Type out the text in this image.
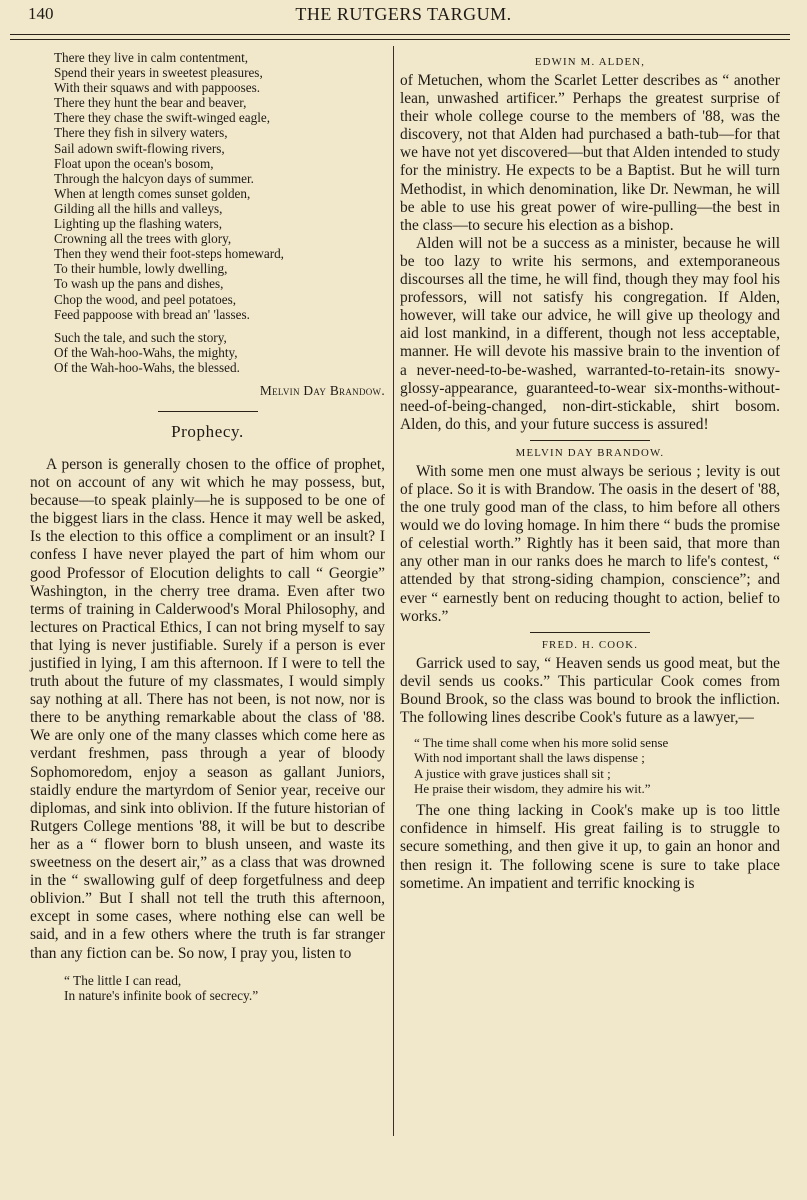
140	THE RUTGERS TARGUM.
There they live in calm contentment,
Spend their years in sweetest pleasures,
With their squaws and with pappooses.
There they hunt the bear and beaver,
There they chase the swift-winged eagle,
There they fish in silvery waters,
Sail adown swift-flowing rivers,
Float upon the ocean's bosom,
Through the halcyon days of summer.
When at length comes sunset golden,
Gilding all the hills and valleys,
Lighting up the flashing waters,
Crowning all the trees with glory,
Then they wend their foot-steps homeward,
To their humble, lowly dwelling,
To wash up the pans and dishes,
Chop the wood, and peel potatoes,
Feed pappoose with bread an' 'lasses.
Such the tale, and such the story,
Of the Wah-hoo-Wahs, the mighty,
Of the Wah-hoo-Wahs, the blessed.
Melvin Day Brandow.
Prophecy.

A person is generally chosen to the office of prophet, not on account of any wit which he may possess, but, because—to speak plainly—he is supposed to be one of the biggest liars in the class. Hence it may well be asked, Is the election to this office a compliment or an insult? I confess I have never played the part of him whom our good Professor of Elocution delights to call “ Georgie” Washington, in the cherry tree drama. Even after two terms of training in Calderwood's Moral Philosophy, and lectures on Practical Ethics, I can not bring myself to say that lying is never justifiable. Surely if a person is ever justified in lying, I am this afternoon. If I were to tell the truth about the future of my classmates, I would simply say nothing at all. There has not been, is not now, nor is there to be anything remarkable about the class of '88. We are only one of the many classes which come here as verdant freshmen, pass through a year of bloody Sophomoredom, enjoy a season as gallant Juniors, staidly endure the martyrdom of Senior year, receive our diplomas, and sink into oblivion. If the future historian of Rutgers College mentions '88, it will be but to describe her as a “ flower born to blush unseen, and waste its sweetness on the desert air,” as a class that was drowned in the “ swallowing gulf of deep forgetfulness and deep oblivion.” But I shall not tell the truth this afternoon, except in some cases, where nothing else can well be said, and in a few others where the truth is far stranger than any fiction can be. So now, I pray you, listen to

“ The little I can read,
In nature's infinite book of secrecy.”
EDWIN M. ALDEN,

of Metuchen, whom the Scarlet Letter describes as “ another lean, unwashed artificer.” Perhaps the greatest surprise of their whole college course to the members of '88, was the discovery, not that Alden had purchased a bath-tub—for that we have not yet discovered—but that Alden intended to study for the ministry. He expects to be a Baptist. But he will turn Methodist, in which denomination, like Dr. Newman, he will be able to use his great power of wire-pulling—the best in the class—to secure his election as a bishop.

Alden will not be a success as a minister, because he will be too lazy to write his sermons, and extemporaneous discourses all the time, he will find, though they may fool his professors, will not satisfy his congregation. If Alden, however, will take our advice, he will give up theology and aid lost mankind, in a different, though not less acceptable, manner. He will devote his massive brain to the invention of a never-need-to-be-washed, warranted-to-retain-its snowy-glossy-appearance, guaranteed-to-wear six-months-without-need-of-being-changed, non-dirt-stickable, shirt bosom. Alden, do this, and your future success is assured!

MELVIN DAY BRANDOW.

With some men one must always be serious ; levity is out of place. So it is with Brandow. The oasis in the desert of '88, the one truly good man of the class, to him before all others would we do loving homage. In him there “ buds the promise of celestial worth.” Rightly has it been said, that more than any other man in our ranks does he march to life's contest, “ attended by that strong-siding champion, conscience”; and ever “ earnestly bent on reducing thought to action, belief to works.”

FRED. H. COOK.

Garrick used to say, “ Heaven sends us good meat, but the devil sends us cooks.” This particular Cook comes from Bound Brook, so the class was bound to brook the infliction. The following lines describe Cook's future as a lawyer,—

“ The time shall come when his more solid sense
With nod important shall the laws dispense ;
A justice with grave justices shall sit ;
He praise their wisdom, they admire his wit.”

The one thing lacking in Cook's make up is too little confidence in himself. His great failing is to struggle to secure something, and then give it up, to gain an honor and then resign it. The following scene is sure to take place sometime. An impatient and terrific knocking is
